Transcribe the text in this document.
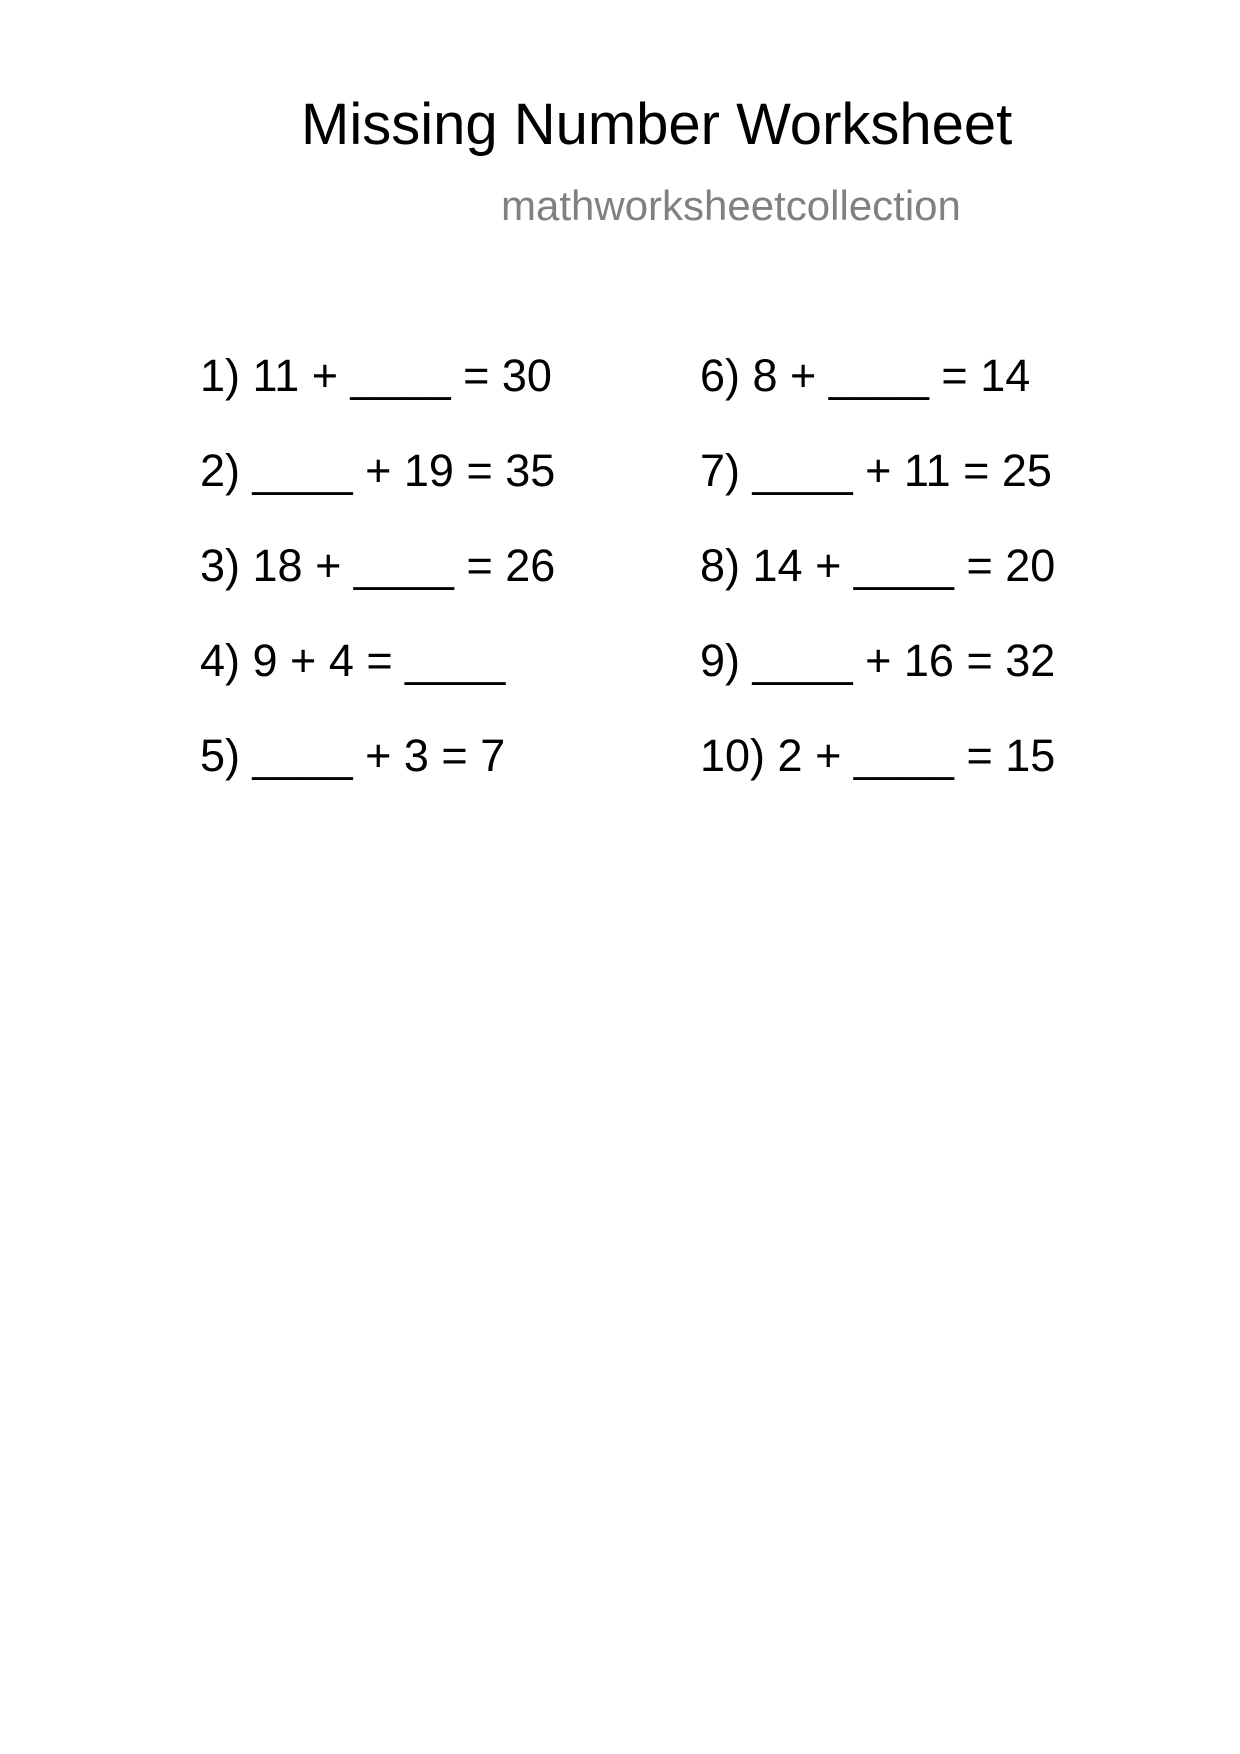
Missing Number Worksheet
mathworksheetcollection
1) 11 + ____ = 30
2) ____ + 19 = 35
3) 18 + ____ = 26
4) 9 + 4 = ____
5) ____ + 3 = 7
6) 8 + ____ = 14
7) ____ + 11 = 25
8) 14 + ____ = 20
9) ____ + 16 = 32
10) 2 + ____ = 15
